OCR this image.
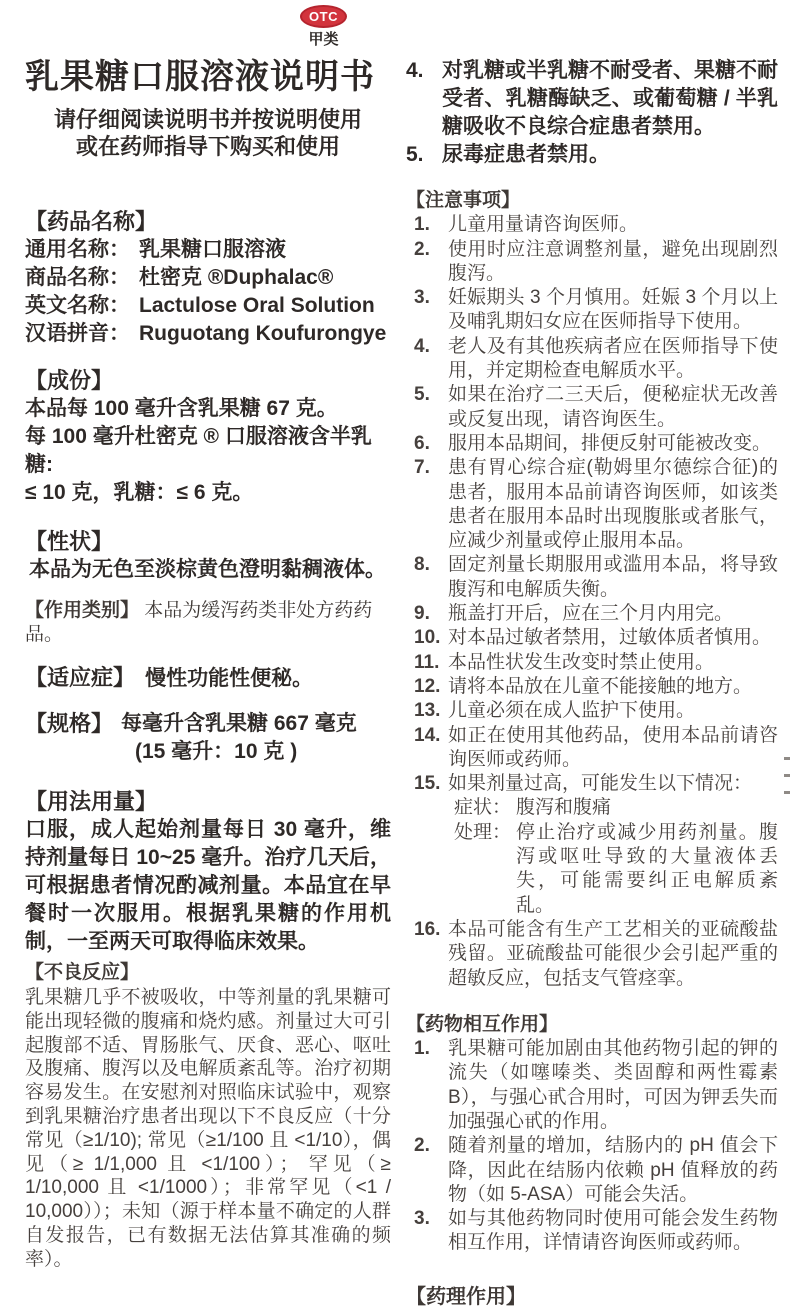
OTC
甲类
乳果糖口服溶液说明书
请仔细阅读说明书并按说明使用
或在药师指导下购买和使用
【药品名称】
通用名称： 乳果糖口服溶液
商品名称： 杜密克 ®Duphalac®
英文名称： Lactulose Oral Solution
汉语拼音： Ruguotang Koufurongye
【成份】
本品每 100 毫升含乳果糖 67 克。
每 100 毫升杜密克 ® 口服溶液含半乳糖:
≤ 10 克，乳糖：≤ 6 克。
【性状】
本品为无色至淡棕黄色澄明黏稠液体。

【作用类别】 本品为缓泻药类非处方药药品。

【适应症】 慢性功能性便秘。

【规格】 每毫升含乳果糖 667 毫克
(15 毫升：10 克 )
【用法用量】
口服，成人起始剂量每日 30 毫升，维持剂量每日 10~25 毫升。治疗几天后，可根据患者情况酌减剂量。本品宜在早餐时一次服用。根据乳果糖的作用机制，一至两天可取得临床效果。
【不良反应】
乳果糖几乎不被吸收，中等剂量的乳果糖可能出现轻微的腹痛和烧灼感。剂量过大可引起腹部不适、胃肠胀气、厌食、恶心、呕吐及腹痛、腹泻以及电解质紊乱等。治疗初期容易发生。在安慰剂对照临床试验中，观察到乳果糖治疗患者出现以下不良反应（十分常见（≥1/10); 常见（≥1/100 且 <1/10），偶见（≥ 1/1,000 且 <1/100）； 罕见（≥ 1/10,000 且 <1/1000）；非常罕见（<1 / 10,000））；未知（源于样本量不确定的人群自发报告，已有数据无法估算其准确的频率）。
4. 对乳糖或半乳糖不耐受者、果糖不耐受者、乳糖酶缺乏、或葡萄糖 / 半乳糖吸收不良综合症患者禁用。
5. 尿毒症患者禁用。
【注意事项】
1. 儿童用量请咨询医师。
2. 使用时应注意调整剂量，避免出现剧烈腹泻。
3. 妊娠期头 3 个月慎用。妊娠 3 个月以上及哺乳期妇女应在医师指导下使用。
4. 老人及有其他疾病者应在医师指导下使用，并定期检查电解质水平。
5. 如果在治疗二三天后，便秘症状无改善或反复出现，请咨询医生。
6. 服用本品期间，排便反射可能被改变。
7. 患有胃心综合症(勒姆里尔德综合征)的患者，服用本品前请咨询医师，如该类患者在服用本品时出现腹胀或者胀气，应减少剂量或停止服用本品。
8. 固定剂量长期服用或滥用本品，将导致腹泻和电解质失衡。
9. 瓶盖打开后，应在三个月内用完。
10. 对本品过敏者禁用，过敏体质者慎用。
11. 本品性状发生改变时禁止使用。
12. 请将本品放在儿童不能接触的地方。
13. 儿童必须在成人监护下使用。
14. 如正在使用其他药品，使用本品前请咨询医师或药师。
15. 如果剂量过高，可能发生以下情况：
症状： 腹泻和腹痛
处理： 停止治疗或减少用药剂量。腹泻或呕吐导致的大量液体丢失，可能需要纠正电解质紊乱。
16. 本品可能含有生产工艺相关的亚硫酸盐残留。亚硫酸盐可能很少会引起严重的超敏反应，包括支气管痉挛。
【药物相互作用】
1. 乳果糖可能加剧由其他药物引起的钾的流失（如噻嗪类、类固醇和两性霉素 B），与强心甙合用时，可因为钾丢失而加强强心甙的作用。
2. 随着剂量的增加，结肠内的 pH 值会下降，因此在结肠内依赖 pH 值释放的药物（如 5-ASA）可能会失活。
3. 如与其他药物同时使用可能会发生药物相互作用，详情请咨询医师或药师。
【药理作用】
